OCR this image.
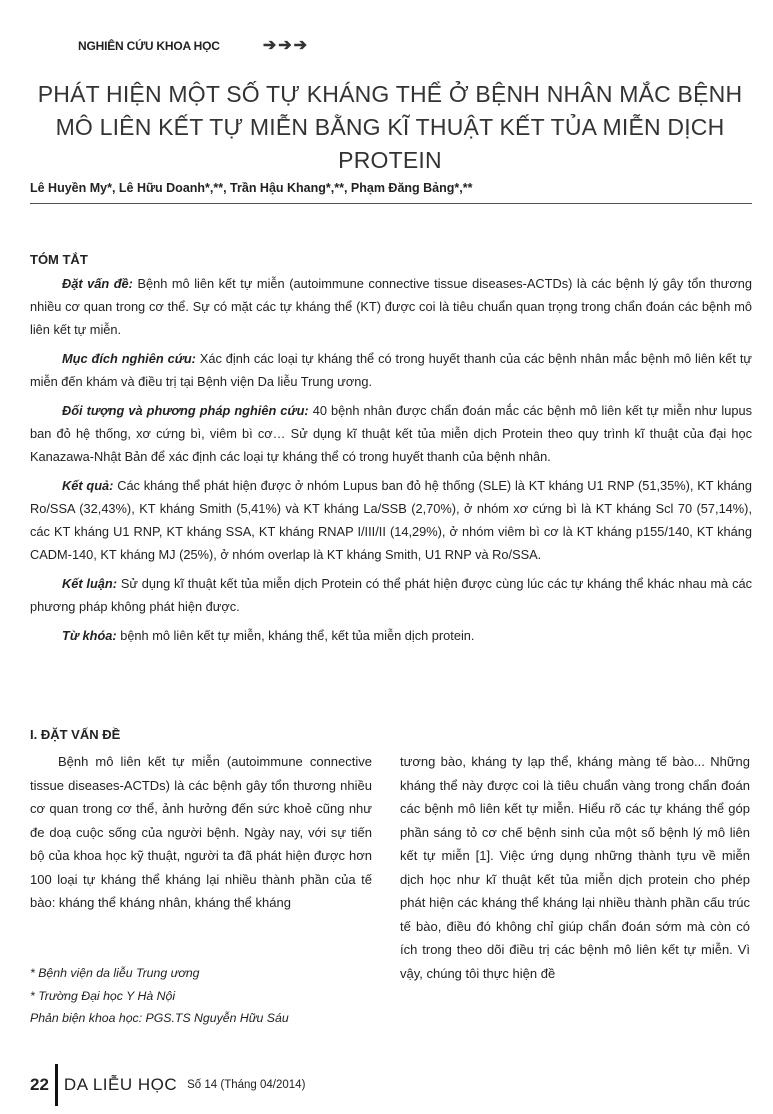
NGHIÊN CỨU KHOA HỌC	➔➔➔
PHÁT HIỆN MỘT SỐ TỰ KHÁNG THỂ Ở BỆNH NHÂN MẮC BỆNH
MÔ LIÊN KẾT TỰ MIỄN BẰNG KĨ THUẬT KẾT TỦA MIỄN DỊCH PROTEIN
Lê Huyền My*, Lê Hữu Doanh*,**, Trần Hậu Khang*,**, Phạm Đăng Bảng*,**
TÓM TẮT

Đặt vấn đề: Bệnh mô liên kết tự miễn (autoimmune connective tissue diseases-ACTDs) là các bệnh lý gây tổn thương nhiều cơ quan trong cơ thể. Sự có mặt các tự kháng thể (KT) được coi là tiêu chuẩn quan trọng trong chẩn đoán các bệnh mô liên kết tự miễn.

Mục đích nghiên cứu: Xác định các loại tự kháng thể có trong huyết thanh của các bệnh nhân mắc bệnh mô liên kết tự miễn đến khám và điều trị tại Bệnh viện Da liễu Trung ương.

Đối tượng và phương pháp nghiên cứu: 40 bệnh nhân được chẩn đoán mắc các bệnh mô liên kết tự miễn như lupus ban đỏ hệ thống, xơ cứng bì, viêm bì cơ… Sử dụng kĩ thuật kết tủa miễn dịch Protein theo quy trình kĩ thuật của đại học Kanazawa-Nhật Bản để xác định các loại tự kháng thể có trong huyết thanh của bệnh nhân.

Kết quả: Các kháng thể phát hiện được ở nhóm Lupus ban đỏ hệ thống (SLE) là KT kháng U1 RNP (51,35%), KT kháng Ro/SSA (32,43%), KT kháng Smith (5,41%) và KT kháng La/SSB (2,70%), ở nhóm xơ cứng bì là KT kháng Scl 70 (57,14%), các KT kháng U1 RNP, KT kháng SSA, KT kháng RNAP I/III/II (14,29%), ở nhóm viêm bì cơ là KT kháng p155/140, KT kháng CADM-140, KT kháng MJ (25%), ở nhóm overlap là KT kháng Smith, U1 RNP và Ro/SSA.

Kết luận: Sử dụng kĩ thuật kết tủa miễn dịch Protein có thể phát hiện được cùng lúc các tự kháng thể khác nhau mà các phương pháp không phát hiện được.

Từ khóa: bệnh mô liên kết tự miễn, kháng thể, kết tủa miễn dịch protein.

I. ĐẶT VẤN ĐỀ
Bệnh mô liên kết tự miễn (autoimmune connective tissue diseases-ACTDs) là các bệnh gây tổn thương nhiều cơ quan trong cơ thể, ảnh hưởng đến sức khoẻ cũng như đe doạ cuộc sống của người bệnh. Ngày nay, với sự tiến bộ của khoa học kỹ thuật, người ta đã phát hiện được hơn 100 loại tự kháng thể kháng lại nhiều thành phần của tế bào: kháng thể kháng nhân, kháng thể kháng
tương bào, kháng ty lạp thể, kháng màng tế bào... Những kháng thể này được coi là tiêu chuẩn vàng trong chẩn đoán các bệnh mô liên kết tự miễn. Hiểu rõ các tự kháng thể góp phần sáng tỏ cơ chế bệnh sinh của một số bệnh lý mô liên kết tự miễn [1]. Việc ứng dụng những thành tựu về miễn dịch học như kĩ thuật kết tủa miễn dịch protein cho phép phát hiện các kháng thể kháng lại nhiều thành phần cấu trúc tế bào, điều đó không chỉ giúp chẩn đoán sớm mà còn có ích trong theo dõi điều trị các bệnh mô liên kết tự miễn. Vì vậy, chúng tôi thực hiện đề
* Bệnh viện da liễu Trung ương
* Trường Đại học Y Hà Nội
Phản biện khoa học: PGS.TS Nguyễn Hữu Sáu
22 DA LIỄU HỌC Số 14 (Tháng 04/2014)
